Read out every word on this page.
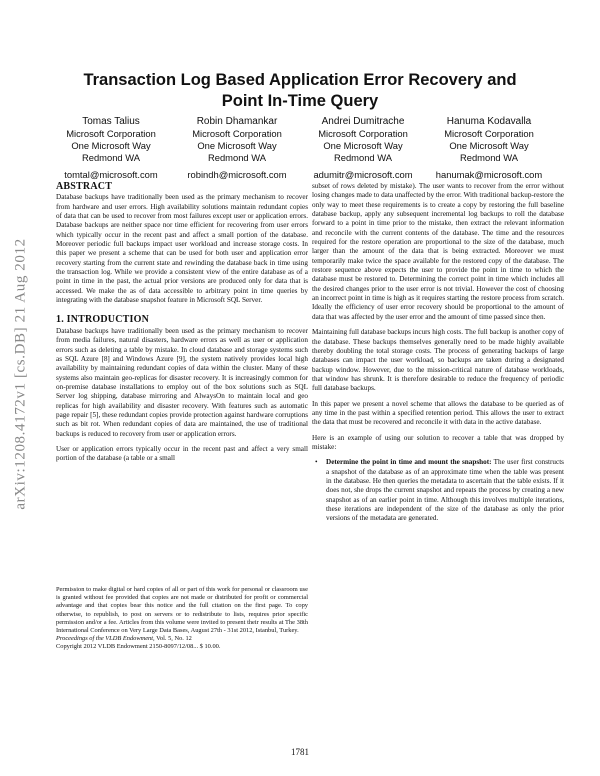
arXiv:1208.4172v1 [cs.DB] 21 Aug 2012
Transaction Log Based Application Error Recovery and
Point In-Time Query
Tomas Talius
Microsoft Corporation
One Microsoft Way
Redmond WA
tomtal@microsoft.com
Robin Dhamankar
Microsoft Corporation
One Microsoft Way
Redmond WA
robindh@microsoft.com
Andrei Dumitrache
Microsoft Corporation
One Microsoft Way
Redmond WA
adumitr@microsoft.com
Hanuma Kodavalla
Microsoft Corporation
One Microsoft Way
Redmond WA
hanumak@microsoft.com
ABSTRACT

Database backups have traditionally been used as the primary mechanism to recover from hardware and user errors. High availability solutions maintain redundant copies of data that can be used to recover from most failures except user or application errors. Database backups are neither space nor time efficient for recovering from user errors which typically occur in the recent past and affect a small portion of the database. Moreover periodic full backups impact user workload and increase storage costs. In this paper we present a scheme that can be used for both user and application error recovery starting from the current state and rewinding the database back in time using the transaction log. While we provide a consistent view of the entire database as of a point in time in the past, the actual prior versions are produced only for data that is accessed. We make the as of data accessible to arbitrary point in time queries by integrating with the database snapshot feature in Microsoft SQL Server.

1. INTRODUCTION

Database backups have traditionally been used as the primary mechanism to recover from media failures, natural disasters, hardware errors as well as user or application errors such as deleting a table by mistake. In cloud database and storage systems such as SQL Azure [8] and Windows Azure [9], the system natively provides local high availability by maintaining redundant copies of data within the cluster. Many of these systems also maintain geo-replicas for disaster recovery. It is increasingly common for on-premise database installations to employ out of the box solutions such as SQL Server log shipping, database mirroring and AlwaysOn to maintain local and geo replicas for high availability and disaster recovery. With features such as automatic page repair [5], these redundant copies provide protection against hardware corruptions such as bit rot. When redundant copies of data are maintained, the use of traditional backups is reduced to recovery from user or application errors.

User or application errors typically occur in the recent past and affect a very small portion of the database (a table or a small

Permission to make digital or hard copies of all or part of this work for personal or classroom use is granted without fee provided that copies are not made or distributed for profit or commercial advantage and that copies bear this notice and the full citation on the first page. To copy otherwise, to republish, to post on servers or to redistribute to lists, requires prior specific permission and/or a fee. Articles from this volume were invited to present their results at The 38th International Conference on Very Large Data Bases, August 27th - 31st 2012, Istanbul, Turkey.

Proceedings of the VLDB Endowment, Vol. 5, No. 12

Copyright 2012 VLDB Endowment 2150-8097/12/08... $ 10.00.

subset of rows deleted by mistake). The user wants to recover from the error without losing changes made to data unaffected by the error. With traditional backup-restore the only way to meet these requirements is to create a copy by restoring the full baseline database backup, apply any subsequent incremental log backups to roll the database forward to a point in time prior to the mistake, then extract the relevant information and reconcile with the current contents of the database. The time and the resources required for the restore operation are proportional to the size of the database, much larger than the amount of the data that is being extracted. Moreover we must temporarily make twice the space available for the restored copy of the database. The restore sequence above expects the user to provide the point in time to which the database must be restored to. Determining the correct point in time which includes all the desired changes prior to the user error is not trivial. However the cost of choosing an incorrect point in time is high as it requires starting the restore process from scratch. Ideally the efficiency of user error recovery should be proportional to the amount of data that was affected by the user error and the amount of time passed since then.

Maintaining full database backups incurs high costs. The full backup is another copy of the database. These backups themselves generally need to be made highly available thereby doubling the total storage costs. The process of generating backups of large databases can impact the user workload, so backups are taken during a designated backup window. However, due to the mission-critical nature of database workloads, that window has shrunk. It is therefore desirable to reduce the frequency of periodic full database backups.

In this paper we present a novel scheme that allows the database to be queried as of any time in the past within a specified retention period. This allows the user to extract the data that must be recovered and reconcile it with data in the active database.

Here is an example of using our solution to recover a table that was dropped by mistake:

• Determine the point in time and mount the snapshot: The user first constructs a snapshot of the database as of an approximate time when the table was present in the database. He then queries the metadata to ascertain that the table exists. If it does not, she drops the current snapshot and repeats the process by creating a new snapshot as of an earlier point in time. Although this involves multiple iterations, these iterations are independent of the size of the database as only the prior versions of the metadata are generated.
1781
